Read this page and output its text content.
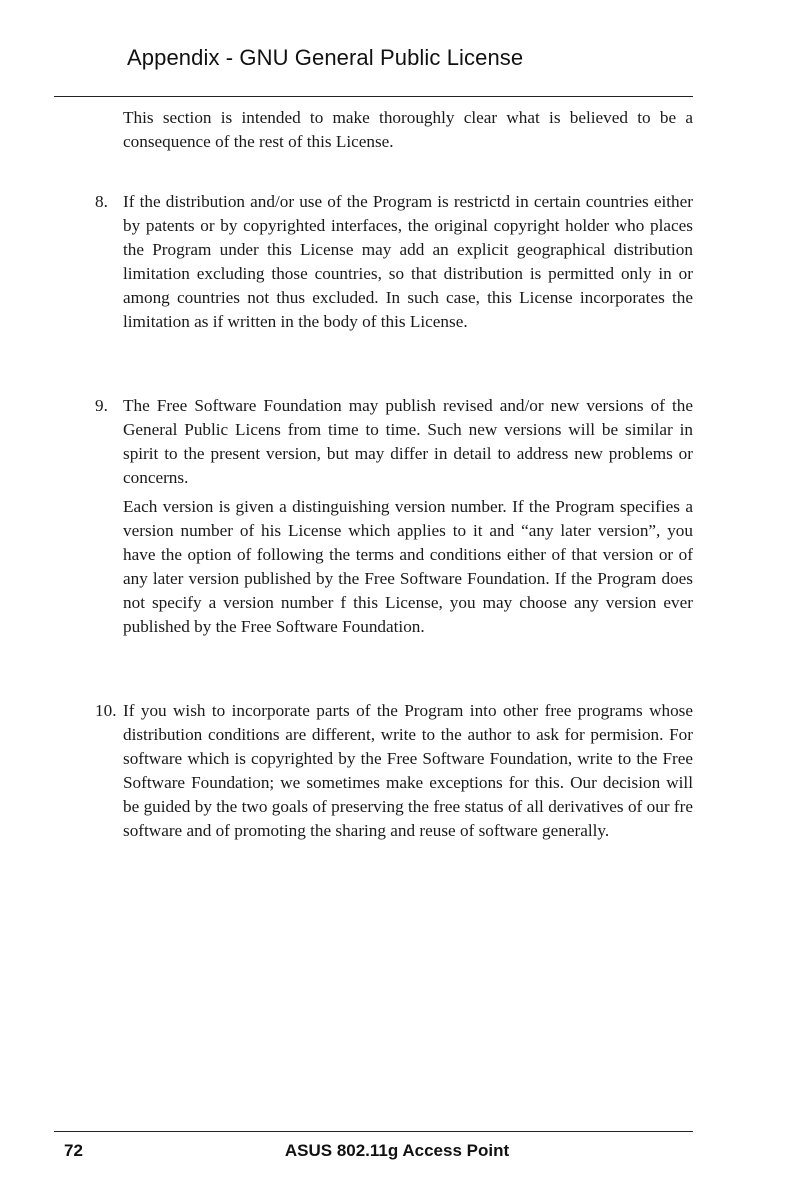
Appendix - GNU General Public License

This section is intended to make thoroughly clear what is believed to be a consequence of the rest of this License.

8. If the distribution and/or use of the Program is restrictd in certain countries either by patents or by copyrighted interfaces, the original copyright holder who places the Program under this License may add an explicit geographical distribution limitation excluding those countries, so that distribution is permitted only in or among countries not thus excluded. In such case, this License incorporates the limitation as if written in the body of this License.

9. The Free Software Foundation may publish revised and/or new versions of the General Public Licens from time to time. Such new versions will be similar in spirit to the present version, but may differ in detail to address new problems or concerns.

Each version is given a distinguishing version number. If the Program specifies a version number of his License which applies to it and “any later version”, you have the option of following the terms and conditions either of that version or of any later version published by the Free Software Foundation. If the Program does not specify a version number f this License, you may choose any version ever published by the Free Software Foundation.

10. If you wish to incorporate parts of the Program into other free programs whose distribution conditions are different, write to the author to ask for permision. For software which is copyrighted by the Free Software Foundation, write to the Free Software Foundation; we sometimes make exceptions for this. Our decision will be guided by the two goals of preserving the free status of all derivatives of our fre software and of promoting the sharing and reuse of software generally.

72	ASUS 802.11g Access Point
